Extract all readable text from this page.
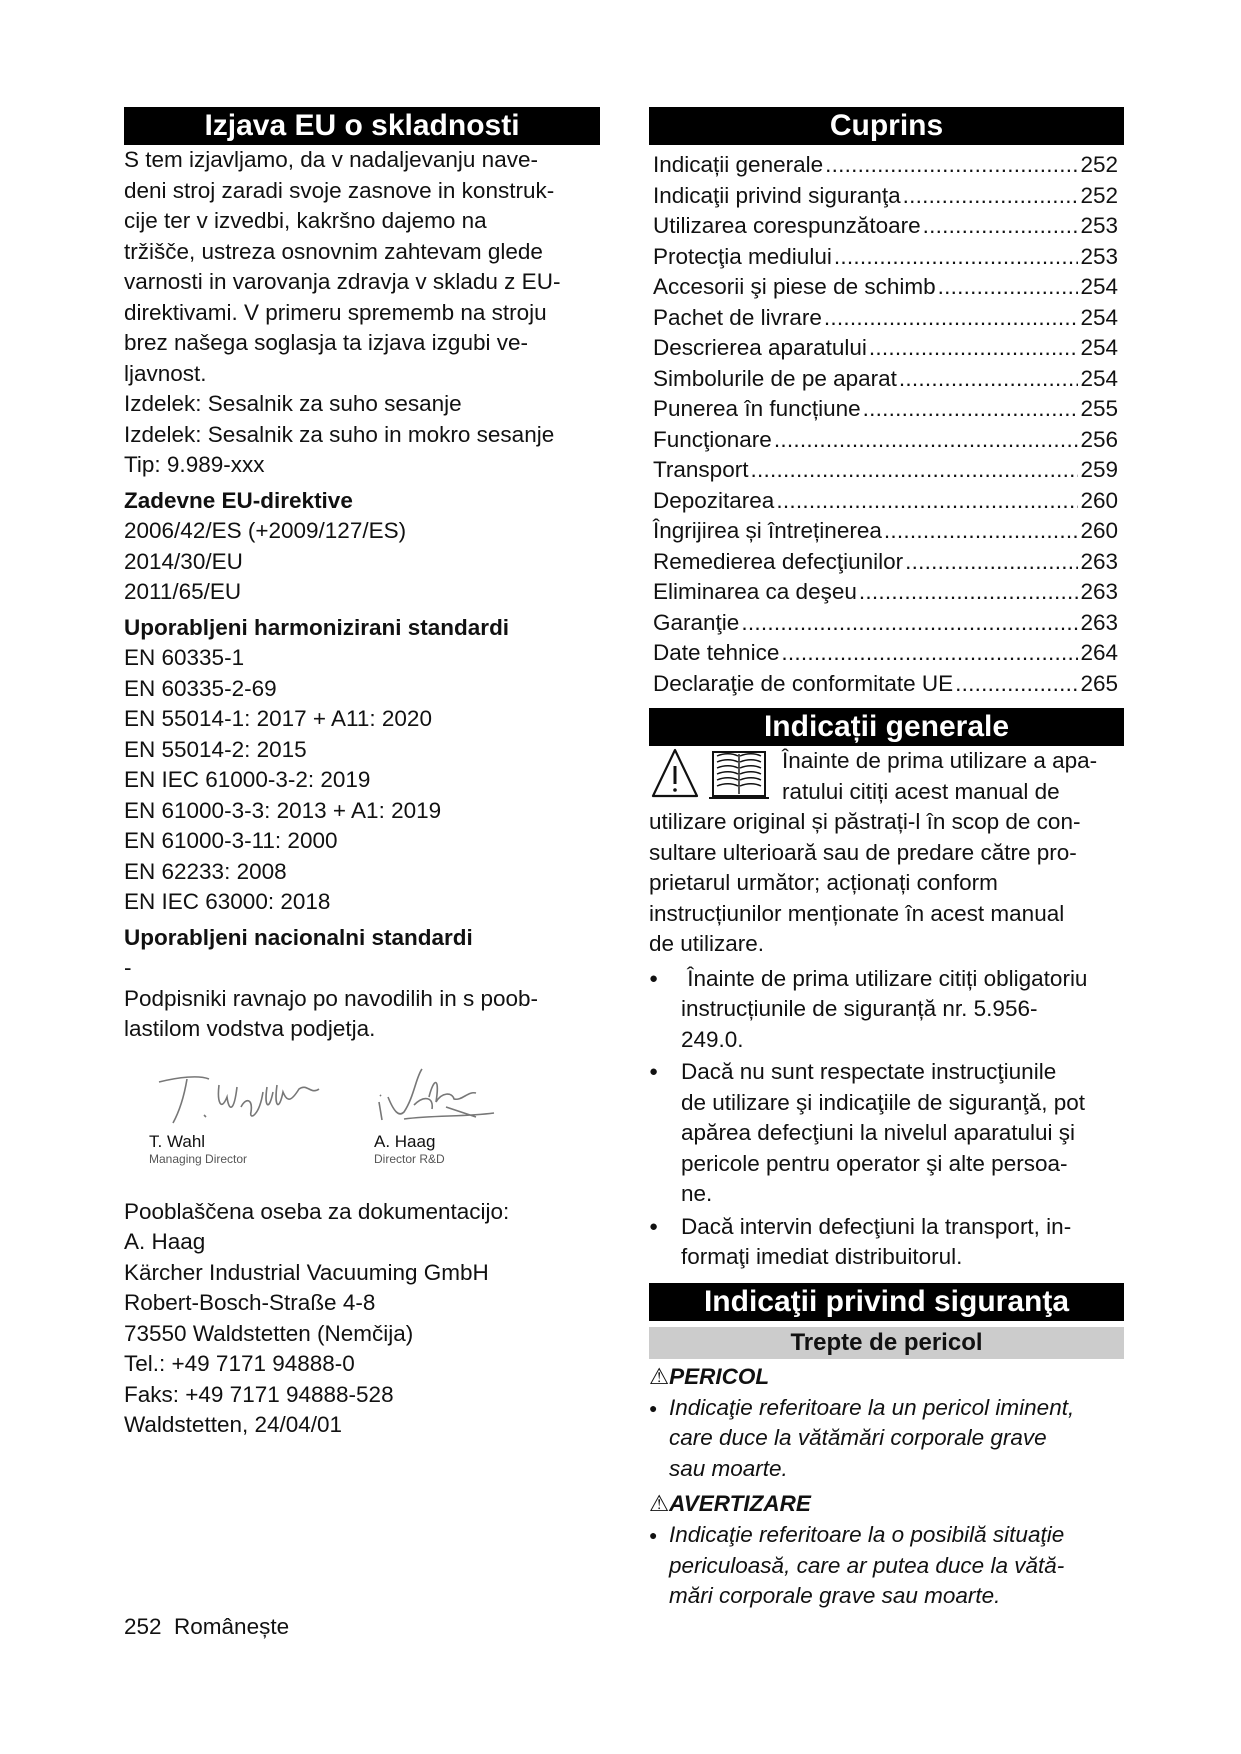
Izjava EU o skladnosti

S tem izjavljamo, da v nadaljevanju nave-
deni stroj zaradi svoje zasnove in konstruk-
cije ter v izvedbi, kakršno dajemo na
tržišče, ustreza osnovnim zahtevam glede
varnosti in varovanja zdravja v skladu z EU-
direktivami. V primeru sprememb na stroju
brez našega soglasja ta izjava izgubi ve-
ljavnost.
Izdelek: Sesalnik za suho sesanje
Izdelek: Sesalnik za suho in mokro sesanje
Tip: 9.989-xxx

Zadevne EU-direktive

2006/42/ES (+2009/127/ES)
2014/30/EU
2011/65/EU

Uporabljeni harmonizirani standardi

EN 60335-1
EN 60335-2-69
EN 55014-1: 2017 + A11: 2020
EN 55014-2: 2015
EN IEC 61000-3-2: 2019
EN 61000-3-3: 2013 + A1: 2019
EN 61000-3-11: 2000
EN 62233: 2008
EN IEC 63000: 2018

Uporabljeni nacionalni standardi

-
Podpisniki ravnajo po navodilih in s poob-
lastilom vodstva podjetja.

T. Wahl
Managing Director
A. Haag
Director R&D

Pooblaščena oseba za dokumentacijo:
A. Haag
Kärcher Industrial Vacuuming GmbH
Robert-Bosch-Straße 4-8
73550 Waldstetten (Nemčija)
Tel.: +49 7171 94888-0
Faks: +49 7171 94888-528
Waldstetten, 24/04/01

Cuprins
Indicații generale . . .	252
Indicaţii privind siguranţa . . .	252
Utilizarea corespunzătoare . . .	253
Protecţia mediului . . .	253
Accesorii şi piese de schimb . . .	254
Pachet de livrare . . .	254
Descrierea aparatului . . .	254
Simbolurile de pe aparat . . .	254
Punerea în funcțiune . . .	255
Funcţionare . . .	256
Transport . . .	259
Depozitarea . . .	260
Îngrijirea și întreținerea . . .	260
Remedierea defecţiunilor . . .	263
Eliminarea ca deşeu . . .	263
Garanţie . . .	263
Date tehnice . . .	264
Declaraţie de conformitate UE . . .	265
Indicații generale
Înainte de prima utilizare a apa-
ratului citiți acest manual de
utilizare original și păstrați-l în scop de con-
sultare ulterioară sau de predare către pro-
prietarul următor; acționați conform
instrucțiunilor menționate în acest manual
de utilizare.
●  Înainte de prima utilizare citiți obligatoriu
instrucțiunile de siguranță nr. 5.956-
249.0.
● Dacă nu sunt respectate instrucţiunile
de utilizare şi indicaţiile de siguranţă, pot
apărea defecţiuni la nivelul aparatului şi
pericole pentru operator şi alte persoa-
ne.
● Dacă intervin defecţiuni la transport, in-
formaţi imediat distribuitorul.
Indicaţii privind siguranţa
Trepte de pericol
⚠PERICOL
● Indicaţie referitoare la un pericol iminent,
care duce la vătămări corporale grave
sau moarte.
⚠AVERTIZARE
● Indicaţie referitoare la o posibilă situaţie
periculoasă, care ar putea duce la vătă-
mări corporale grave sau moarte.
252  Românește
